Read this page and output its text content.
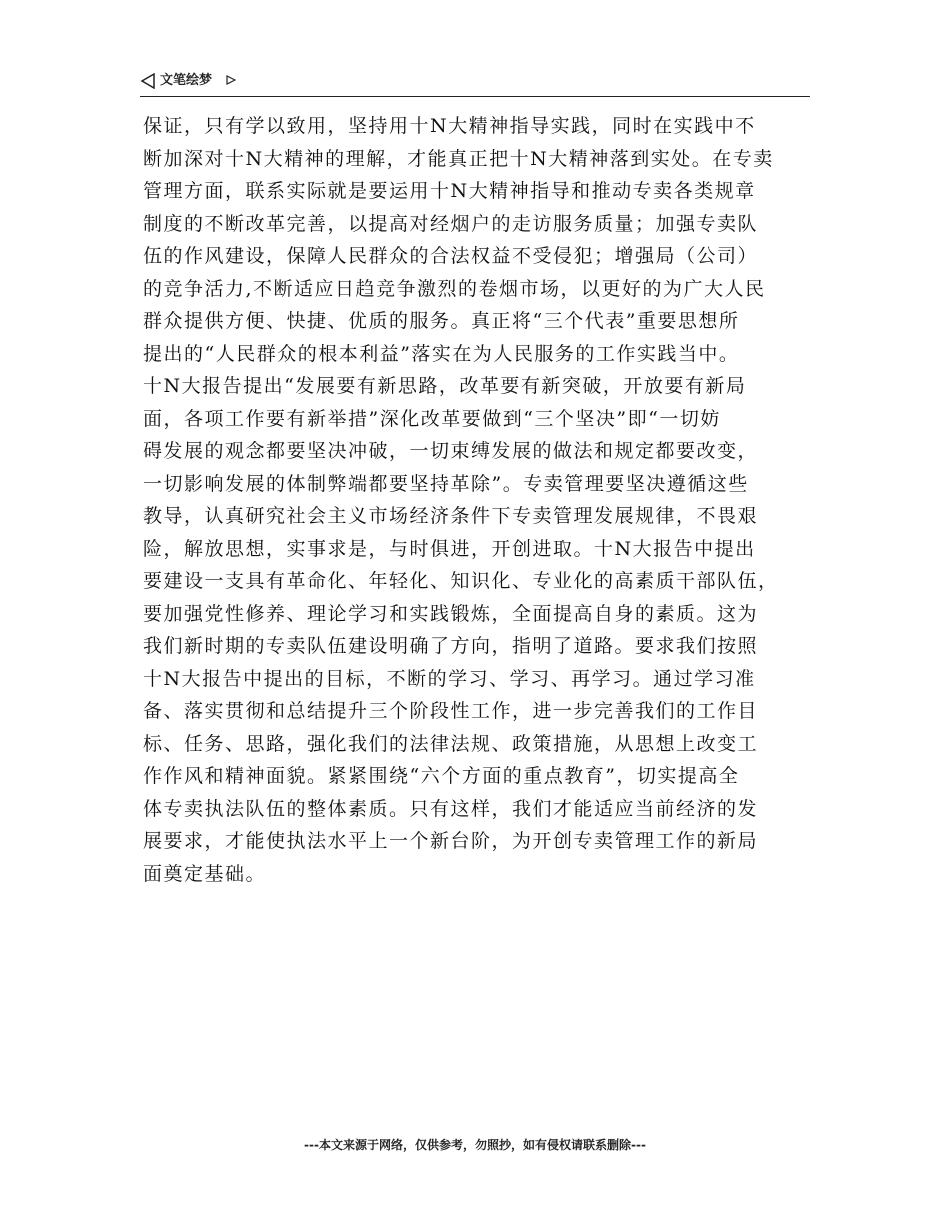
文笔绘梦
保证，只有学以致用，坚持用十N大精神指导实践，同时在实践中不
断加深对十N大精神的理解，才能真正把十N大精神落到实处。在专卖
管理方面，联系实际就是要运用十N大精神指导和推动专卖各类规章
制度的不断改革完善，以提高对经烟户的走访服务质量；加强专卖队
伍的作风建设，保障人民群众的合法权益不受侵犯；增强局（公司）
的竞争活力,不断适应日趋竞争激烈的卷烟市场，以更好的为广大人民
群众提供方便、快捷、优质的服务。真正将“三个代表”重要思想所
提出的“人民群众的根本利益”落实在为人民服务的工作实践当中。
十N大报告提出“发展要有新思路，改革要有新突破，开放要有新局
面，各项工作要有新举措”深化改革要做到“三个坚决”即“一切妨
碍发展的观念都要坚决冲破，一切束缚发展的做法和规定都要改变，
一切影响发展的体制弊端都要坚持革除”。专卖管理要坚决遵循这些
教导，认真研究社会主义市场经济条件下专卖管理发展规律，不畏艰
险，解放思想，实事求是，与时俱进，开创进取。十N大报告中提出
要建设一支具有革命化、年轻化、知识化、专业化的高素质干部队伍，
要加强党性修养、理论学习和实践锻炼，全面提高自身的素质。这为
我们新时期的专卖队伍建设明确了方向，指明了道路。要求我们按照
十N大报告中提出的目标，不断的学习、学习、再学习。通过学习准
备、落实贯彻和总结提升三个阶段性工作，进一步完善我们的工作目
标、任务、思路，强化我们的法律法规、政策措施，从思想上改变工
作作风和精神面貌。紧紧围绕“六个方面的重点教育”，切实提高全
体专卖执法队伍的整体素质。只有这样，我们才能适应当前经济的发
展要求，才能使执法水平上一个新台阶，为开创专卖管理工作的新局
面奠定基础。
---本文来源于网络，仅供参考，勿照抄，如有侵权请联系删除---
